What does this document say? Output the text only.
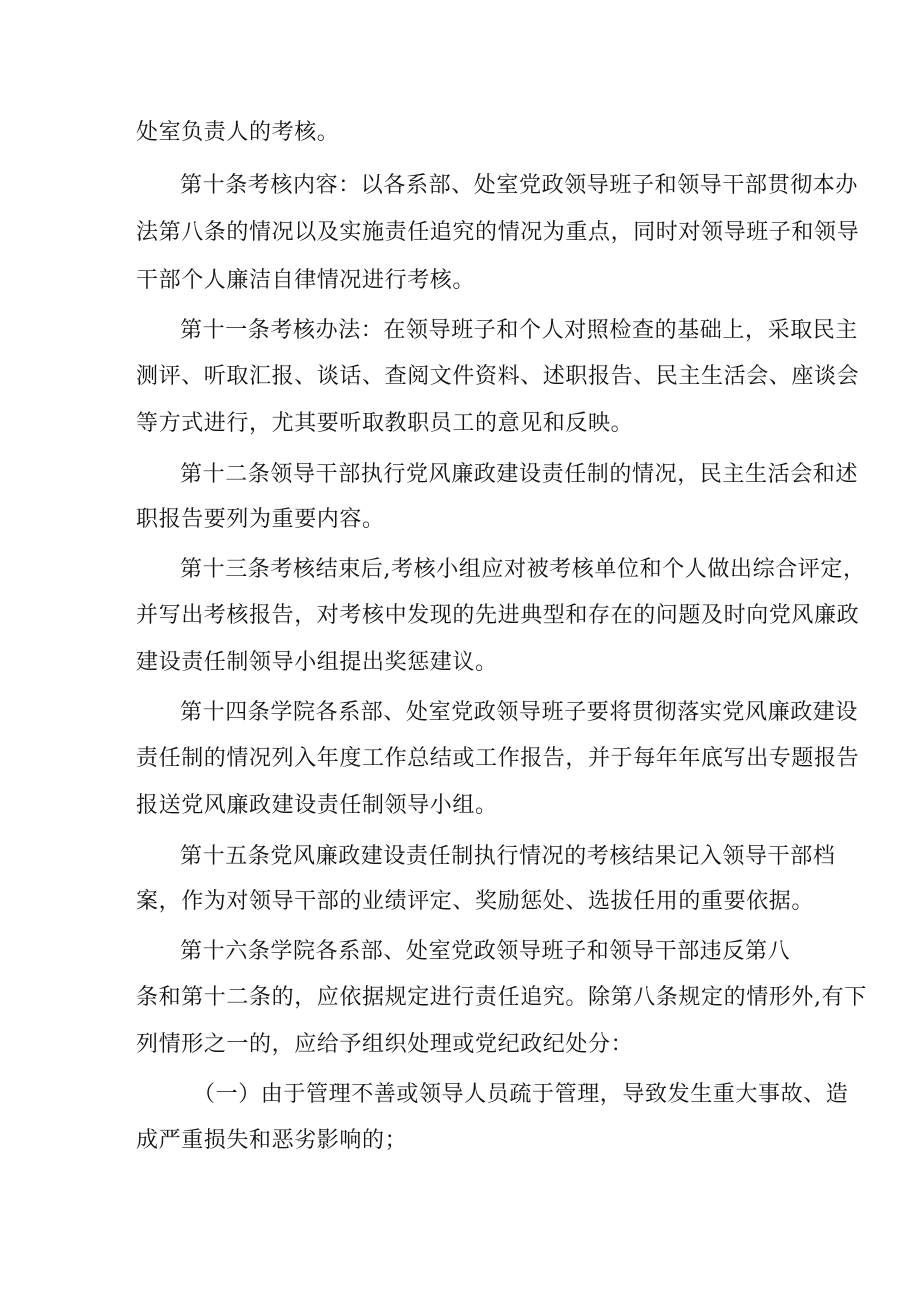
处室负责人的考核。
第十条考核内容：以各系部、处室党政领导班子和领导干部贯彻本办
法第八条的情况以及实施责任追究的情况为重点，同时对领导班子和领导
干部个人廉洁自律情况进行考核。
第十一条考核办法：在领导班子和个人对照检查的基础上，采取民主
测评、听取汇报、谈话、查阅文件资料、述职报告、民主生活会、座谈会
等方式进行，尤其要听取教职员工的意见和反映。
第十二条领导干部执行党风廉政建设责任制的情况，民主生活会和述
职报告要列为重要内容。
第十三条考核结束后,考核小组应对被考核单位和个人做出综合评定，
并写出考核报告，对考核中发现的先进典型和存在的问题及时向党风廉政
建设责任制领导小组提出奖惩建议。
第十四条学院各系部、处室党政领导班子要将贯彻落实党风廉政建设
责任制的情况列入年度工作总结或工作报告，并于每年年底写出专题报告
报送党风廉政建设责任制领导小组。
第十五条党风廉政建设责任制执行情况的考核结果记入领导干部档
案，作为对领导干部的业绩评定、奖励惩处、选拔任用的重要依据。
第十六条学院各系部、处室党政领导班子和领导干部违反第八
条和第十二条的，应依据规定进行责任追究。除第八条规定的情形外,有下
列情形之一的，应给予组织处理或党纪政纪处分：
（一）由于管理不善或领导人员疏于管理，导致发生重大事故、造
成严重损失和恶劣影响的；
